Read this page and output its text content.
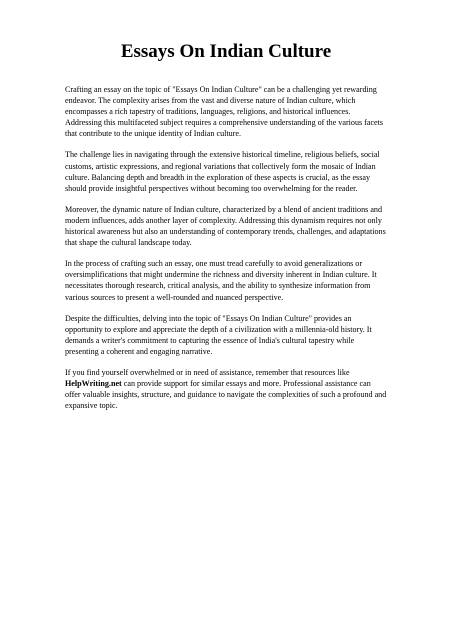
Essays On Indian Culture

Crafting an essay on the topic of "Essays On Indian Culture" can be a challenging yet rewarding endeavor. The complexity arises from the vast and diverse nature of Indian culture, which encompasses a rich tapestry of traditions, languages, religions, and historical influences. Addressing this multifaceted subject requires a comprehensive understanding of the various facets that contribute to the unique identity of Indian culture.

The challenge lies in navigating through the extensive historical timeline, religious beliefs, social customs, artistic expressions, and regional variations that collectively form the mosaic of Indian culture. Balancing depth and breadth in the exploration of these aspects is crucial, as the essay should provide insightful perspectives without becoming too overwhelming for the reader.

Moreover, the dynamic nature of Indian culture, characterized by a blend of ancient traditions and modern influences, adds another layer of complexity. Addressing this dynamism requires not only historical awareness but also an understanding of contemporary trends, challenges, and adaptations that shape the cultural landscape today.

In the process of crafting such an essay, one must tread carefully to avoid generalizations or oversimplifications that might undermine the richness and diversity inherent in Indian culture. It necessitates thorough research, critical analysis, and the ability to synthesize information from various sources to present a well-rounded and nuanced perspective.

Despite the difficulties, delving into the topic of "Essays On Indian Culture" provides an opportunity to explore and appreciate the depth of a civilization with a millennia-old history. It demands a writer's commitment to capturing the essence of India's cultural tapestry while presenting a coherent and engaging narrative.

If you find yourself overwhelmed or in need of assistance, remember that resources like HelpWriting.net can provide support for similar essays and more. Professional assistance can offer valuable insights, structure, and guidance to navigate the complexities of such a profound and expansive topic.
